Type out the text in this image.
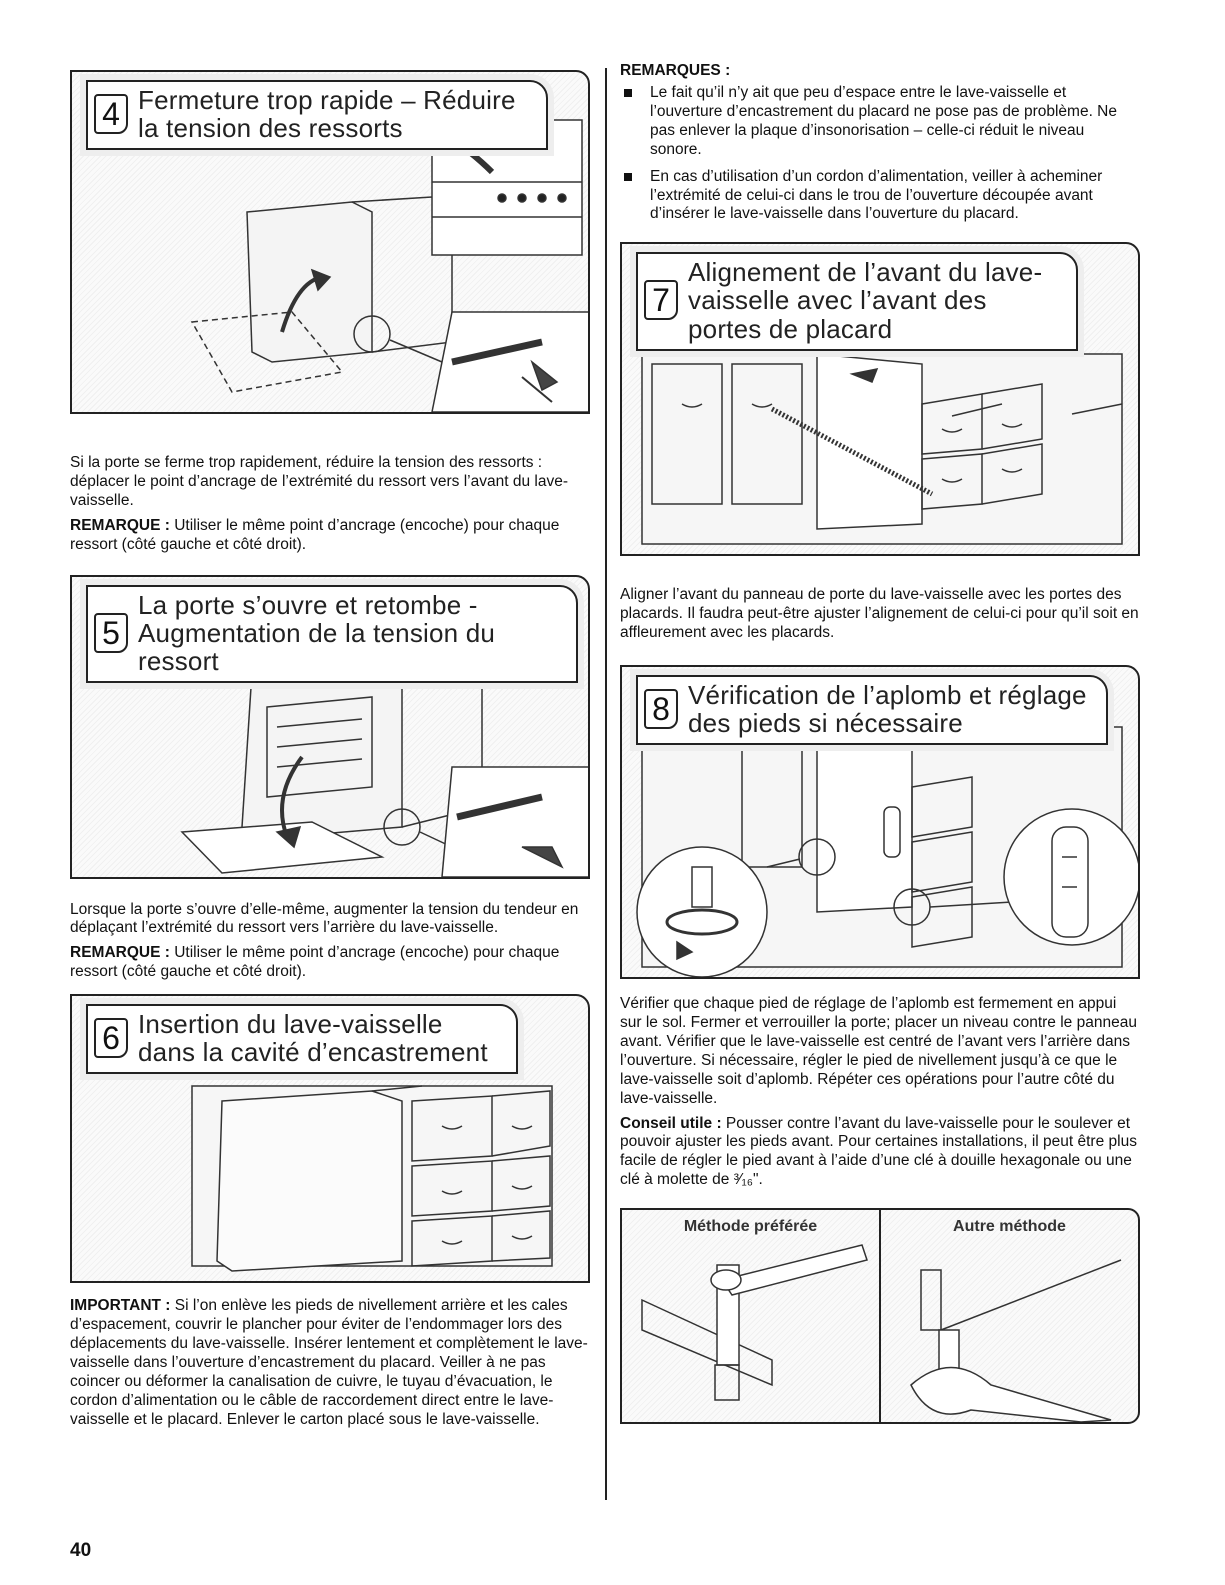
4 Fermeture trop rapide – Réduire la tension des ressorts

Si la porte se ferme trop rapidement, réduire la tension des ressorts : déplacer le point d’ancrage de l’extrémité du ressort vers l’avant du lave-vaisselle.

REMARQUE : Utiliser le même point d’ancrage (encoche) pour chaque ressort (côté gauche et côté droit).

5
La porte s’ouvre et retombe - Augmentation de la tension du ressort

Lorsque la porte s’ouvre d’elle-même, augmenter la tension du tendeur en déplaçant l’extrémité du ressort vers l’arrière du lave-vaisselle.

REMARQUE : Utiliser le même point d’ancrage (encoche) pour chaque ressort (côté gauche et côté droit).

6 Insertion du lave-vaisselle dans la cavité d’encastrement

IMPORTANT : Si l’on enlève les pieds de nivellement arrière et les cales d’espacement, couvrir le plancher pour éviter de l’endommager lors des déplacements du lave-vaisselle. Insérer lentement et complètement le lave-vaisselle dans l’ouverture d’encastrement du placard. Veiller à ne pas coincer ou déformer la canalisation de cuivre, le tuyau d’évacuation, le cordon d’alimentation ou le câble de raccordement direct entre le lave-vaisselle et le placard. Enlever le carton placé sous le lave-vaisselle.

REMARQUES :
Le fait qu’il n’y ait que peu d’espace entre le lave-vaisselle et l’ouverture d’encastrement du placard ne pose pas de problème. Ne pas enlever la plaque d’insonorisation – celle-ci réduit le niveau sonore.
En cas d’utilisation d’un cordon d’alimentation, veiller à acheminer l’extrémité de celui-ci dans le trou de l’ouverture découpée avant d’insérer le lave-vaisselle dans l’ouverture du placard.
7
Alignement de l’avant du lave-vaisselle avec l’avant des portes de placard

Aligner l’avant du panneau de porte du lave-vaisselle avec les portes des placards. Il faudra peut-être ajuster l’alignement de celui-ci pour qu’il soit en affleurement avec les placards.

8 Vérification de l’aplomb et réglage des pieds si nécessaire

Vérifier que chaque pied de réglage de l’aplomb est fermement en appui sur le sol. Fermer et verrouiller la porte; placer un niveau contre le panneau avant. Vérifier que le lave-vaisselle est centré de l’avant vers l’arrière dans l’ouverture. Si nécessaire, régler le pied de nivellement jusqu’à ce que le lave-vaisselle soit d’aplomb. Répéter ces opérations pour l’autre côté du lave-vaisselle.

Conseil utile : Pousser contre l’avant du lave-vaisselle pour le soulever et pouvoir ajuster les pieds avant. Pour certaines installations, il peut être plus facile de régler le pied avant à l’aide d’une clé à douille hexagonale ou une clé à molette de ³⁄₁₆".

Méthode préférée	Autre méthode
40
